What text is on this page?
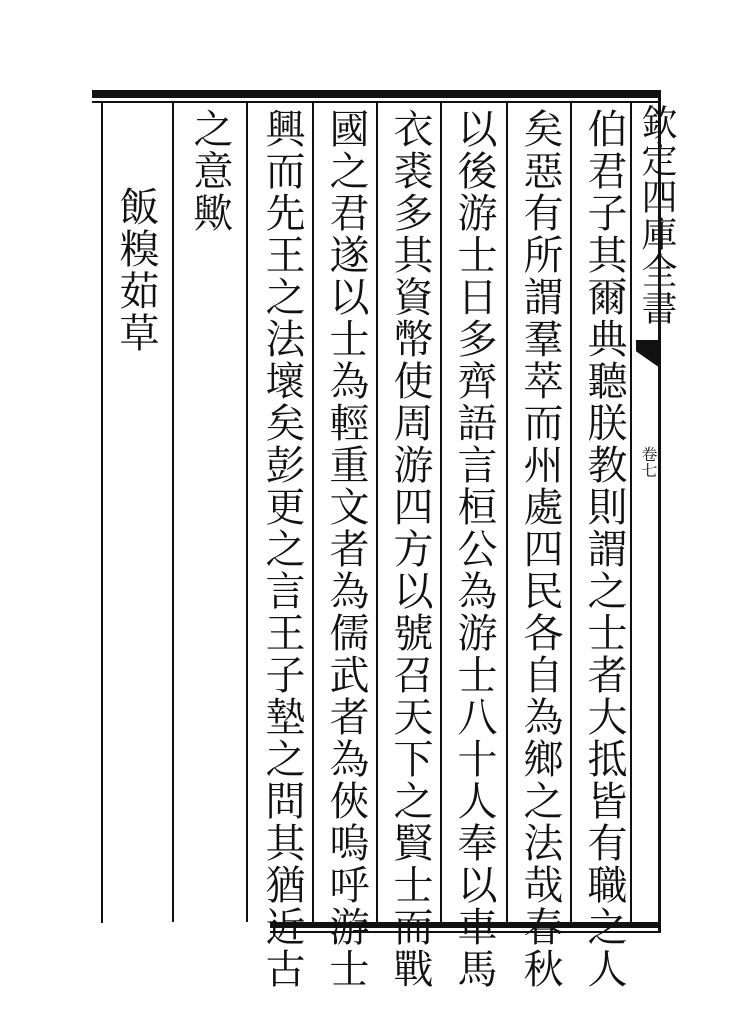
欽定四庫全書
卷七
伯君子其爾典聽朕教則謂之士者大抵皆有職之人
矣惡有所謂羣萃而州處四民各自為鄉之法哉春秋
以後游士日多齊語言桓公為游士八十人奉以車馬
衣裘多其資幣使周游四方以號召天下之賢士而戰
國之君遂以士為輕重文者為儒武者為俠嗚呼游士
興而先王之法壞矣彭更之言王子墊之問其猶近古
之意歟
飯糗茹草
